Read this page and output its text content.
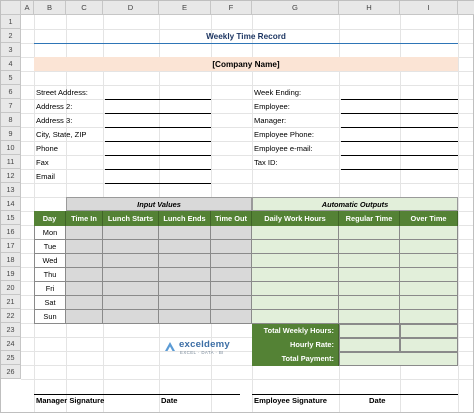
A	B	C	D	E	F	G	H	I
1
2
3
4
5
6
7
8
9
10
11
12
13
14
15
16
17
18
19
20
21
22
23
24
25
26
Weekly Time Record
[Company Name]
Street Address:
Address 2:
Address 3:
City, State, ZIP
Phone
Fax
Email
Week Ending:
Employee:
Manager:
Employee Phone:
Employee e-mail:
Tax ID:
Input Values	Automatic Outputs
Day	Time In	Lunch Starts	Lunch Ends	Time Out	Daily Work Hours	Regular Time	Over Time
Mon
Tue
Wed
Thu
Fri
Sat
Sun
exceldemy
EXCEL · DATA · BI
Total Weekly Hours:
Hourly Rate:
Total Payment:
Manager Signature	Date	Employee Signature	Date
